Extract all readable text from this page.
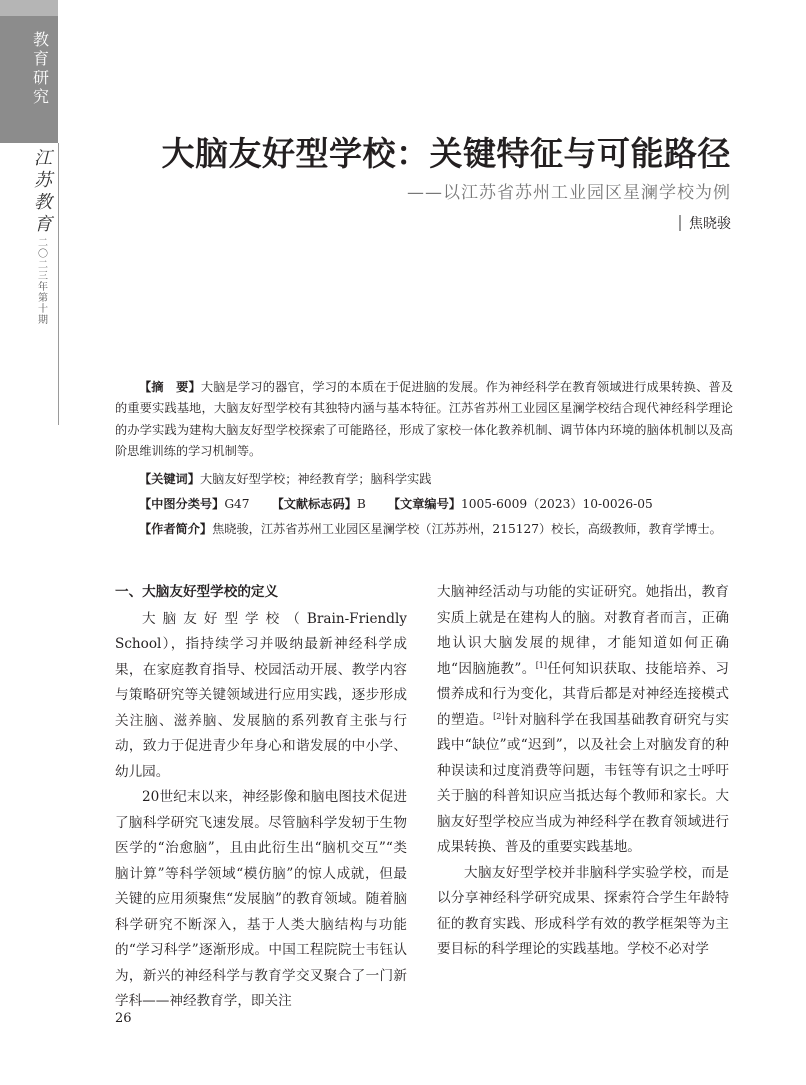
教育研究
江苏教育
二〇二三年第十期
大脑友好型学校：关键特征与可能路径
——以江苏省苏州工业园区星澜学校为例
焦晓骏

【摘　要】大脑是学习的器官，学习的本质在于促进脑的发展。作为神经科学在教育领域进行成果转换、普及的重要实践基地，大脑友好型学校有其独特内涵与基本特征。江苏省苏州工业园区星澜学校结合现代神经科学理论的办学实践为建构大脑友好型学校探索了可能路径，形成了家校一体化教养机制、调节体内环境的脑体机制以及高阶思维训练的学习机制等。

【关键词】大脑友好型学校；神经教育学；脑科学实践

【中图分类号】G47 【文献标志码】B 【文章编号】1005-6009（2023）10-0026-05

【作者简介】焦晓骏，江苏省苏州工业园区星澜学校（江苏苏州，215127）校长，高级教师，教育学博士。

一、大脑友好型学校的定义

大脑友好型学校（Brain-Friendly School），指持续学习并吸纳最新神经科学成果，在家庭教育指导、校园活动开展、教学内容与策略研究等关键领域进行应用实践，逐步形成关注脑、滋养脑、发展脑的系列教育主张与行动，致力于促进青少年身心和谐发展的中小学、幼儿园。

20世纪末以来，神经影像和脑电图技术促进了脑科学研究飞速发展。尽管脑科学发轫于生物医学的“治愈脑”，且由此衍生出“脑机交互”“类脑计算”等科学领域“模仿脑”的惊人成就，但最关键的应用须聚焦“发展脑”的教育领域。随着脑科学研究不断深入，基于人类大脑结构与功能的“学习科学”逐渐形成。中国工程院院士韦钰认为，新兴的神经科学与教育学交叉聚合了一门新学科——神经教育学，即关注

大脑神经活动与功能的实证研究。她指出，教育实质上就是在建构人的脑。对教育者而言，正确地认识大脑发展的规律，才能知道如何正确地“因脑施教”。[1]任何知识获取、技能培养、习惯养成和行为变化，其背后都是对神经连接模式的塑造。[2]针对脑科学在我国基础教育研究与实践中“缺位”或“迟到”，以及社会上对脑发育的种种误读和过度消费等问题，韦钰等有识之士呼吁关于脑的科普知识应当抵达每个教师和家长。大脑友好型学校应当成为神经科学在教育领域进行成果转换、普及的重要实践基地。

大脑友好型学校并非脑科学实验学校，而是以分享神经科学研究成果、探索符合学生年龄特征的教育实践、形成科学有效的教学框架等为主要目标的科学理论的实践基地。学校不必对学

26
